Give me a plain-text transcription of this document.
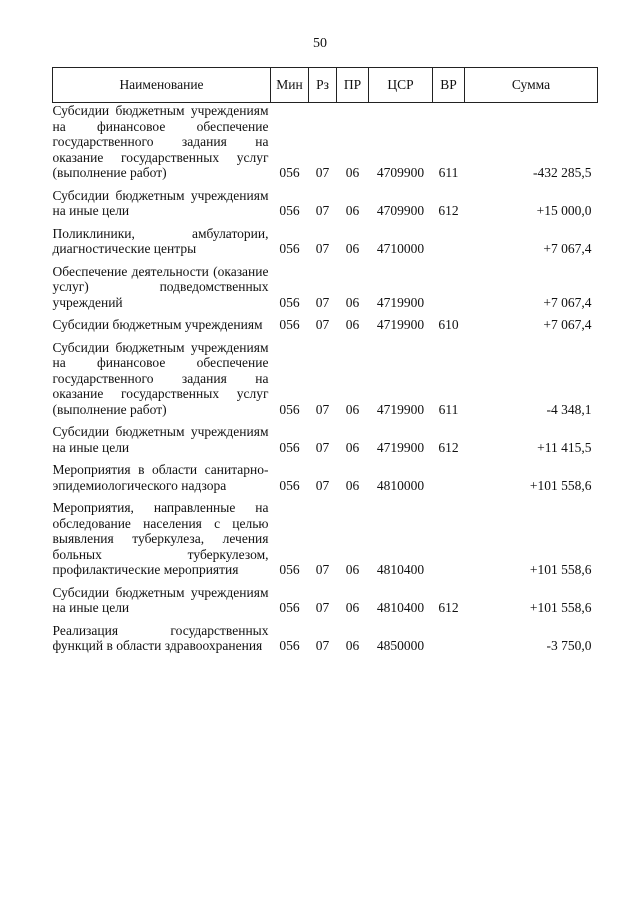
50
Наименование	Мин	Рз	ПР	ЦСР	ВР	Сумма
Субсидии бюджетным учреждениям на финансовое обеспечение государственного задания на оказание государственных услуг (выполнение работ)	056	07	06	4709900	611	-432 285,5
Субсидии бюджетным учреждениям на иные цели	056	07	06	4709900	612	+15 000,0
Поликлиники, амбулатории, диагностические центры	056	07	06	4710000		+7 067,4
Обеспечение деятельности (оказание услуг) подведомственных учреждений	056	07	06	4719900		+7 067,4
Субсидии бюджетным учреждениям	056	07	06	4719900	610	+7 067,4
Субсидии бюджетным учреждениям на финансовое обеспечение государственного задания на оказание государственных услуг (выполнение работ)	056	07	06	4719900	611	-4 348,1
Субсидии бюджетным учреждениям на иные цели	056	07	06	4719900	612	+11 415,5
Мероприятия в области санитарно-эпидемиологического надзора	056	07	06	4810000		+101 558,6
Мероприятия, направленные на обследование населения с целью выявления туберкулеза, лечения больных туберкулезом, профилактические мероприятия	056	07	06	4810400		+101 558,6
Субсидии бюджетным учреждениям на иные цели	056	07	06	4810400	612	+101 558,6
Реализация государственных функций в области здравоохранения	056	07	06	4850000		-3 750,0
